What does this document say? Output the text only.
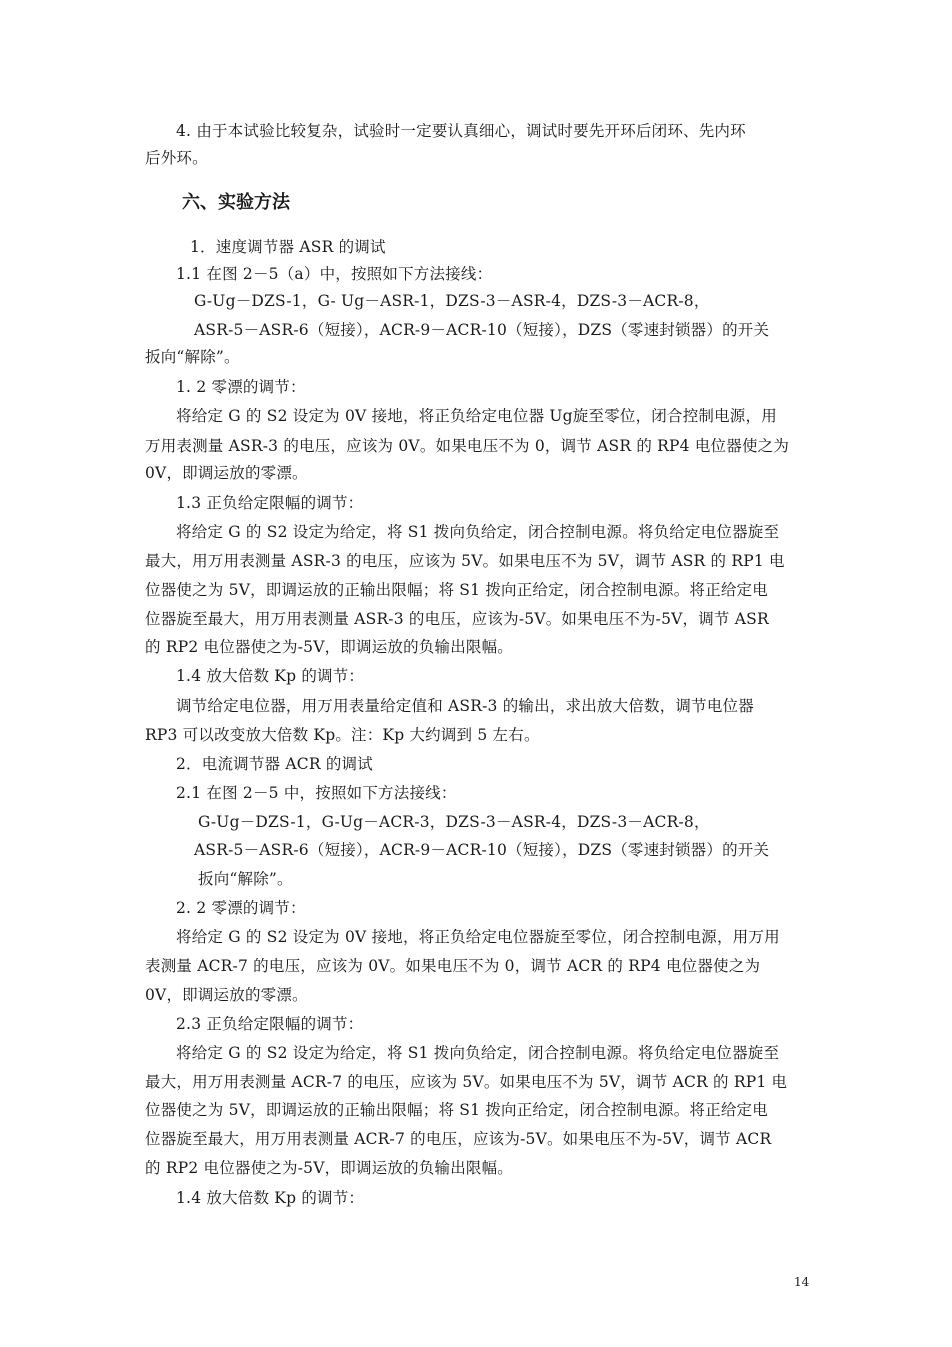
4. 由于本试验比较复杂，试验时一定要认真细心，调试时要先开环后闭环、先内环
后外环。
六、实验方法
1．速度调节器 ASR 的调试
1.1 在图 2－5（a）中，按照如下方法接线：
G-Ug－DZS-1，G- Ug－ASR-1，DZS-3－ASR-4，DZS-3－ACR-8，
ASR-5－ASR-6（短接），ACR-9－ACR-10（短接），DZS（零速封锁器）的开关
扳向“解除”。
1. 2 零漂的调节：
将给定 G 的 S2 设定为 0V 接地，将正负给定电位器 Ug旋至零位，闭合控制电源，用
万用表测量 ASR-3 的电压，应该为 0V。如果电压不为 0，调节 ASR 的 RP4 电位器使之为
0V，即调运放的零漂。
1.3 正负给定限幅的调节：
将给定 G 的 S2 设定为给定，将 S1 拨向负给定，闭合控制电源。将负给定电位器旋至
最大，用万用表测量 ASR-3 的电压，应该为 5V。如果电压不为 5V，调节 ASR 的 RP1 电
位器使之为 5V，即调运放的正输出限幅；将 S1 拨向正给定，闭合控制电源。将正给定电
位器旋至最大，用万用表测量 ASR-3 的电压，应该为-5V。如果电压不为-5V，调节 ASR
的 RP2 电位器使之为-5V，即调运放的负输出限幅。
1.4 放大倍数 Kp 的调节：
调节给定电位器，用万用表量给定值和 ASR-3 的输出，求出放大倍数，调节电位器
RP3 可以改变放大倍数 Kp。注：Kp 大约调到 5 左右。
2．电流调节器 ACR 的调试
2.1 在图 2－5 中，按照如下方法接线：
G-Ug－DZS-1，G-Ug－ACR-3，DZS-3－ASR-4，DZS-3－ACR-8，
ASR-5－ASR-6（短接），ACR-9－ACR-10（短接），DZS（零速封锁器）的开关
扳向“解除”。
2. 2 零漂的调节：
将给定 G 的 S2 设定为 0V 接地，将正负给定电位器旋至零位，闭合控制电源，用万用
表测量 ACR-7 的电压，应该为 0V。如果电压不为 0，调节 ACR 的 RP4 电位器使之为
0V，即调运放的零漂。
2.3 正负给定限幅的调节：
将给定 G 的 S2 设定为给定，将 S1 拨向负给定，闭合控制电源。将负给定电位器旋至
最大，用万用表测量 ACR-7 的电压，应该为 5V。如果电压不为 5V，调节 ACR 的 RP1 电
位器使之为 5V，即调运放的正输出限幅；将 S1 拨向正给定，闭合控制电源。将正给定电
位器旋至最大，用万用表测量 ACR-7 的电压，应该为-5V。如果电压不为-5V，调节 ACR
的 RP2 电位器使之为-5V，即调运放的负输出限幅。
1.4 放大倍数 Kp 的调节：
14
